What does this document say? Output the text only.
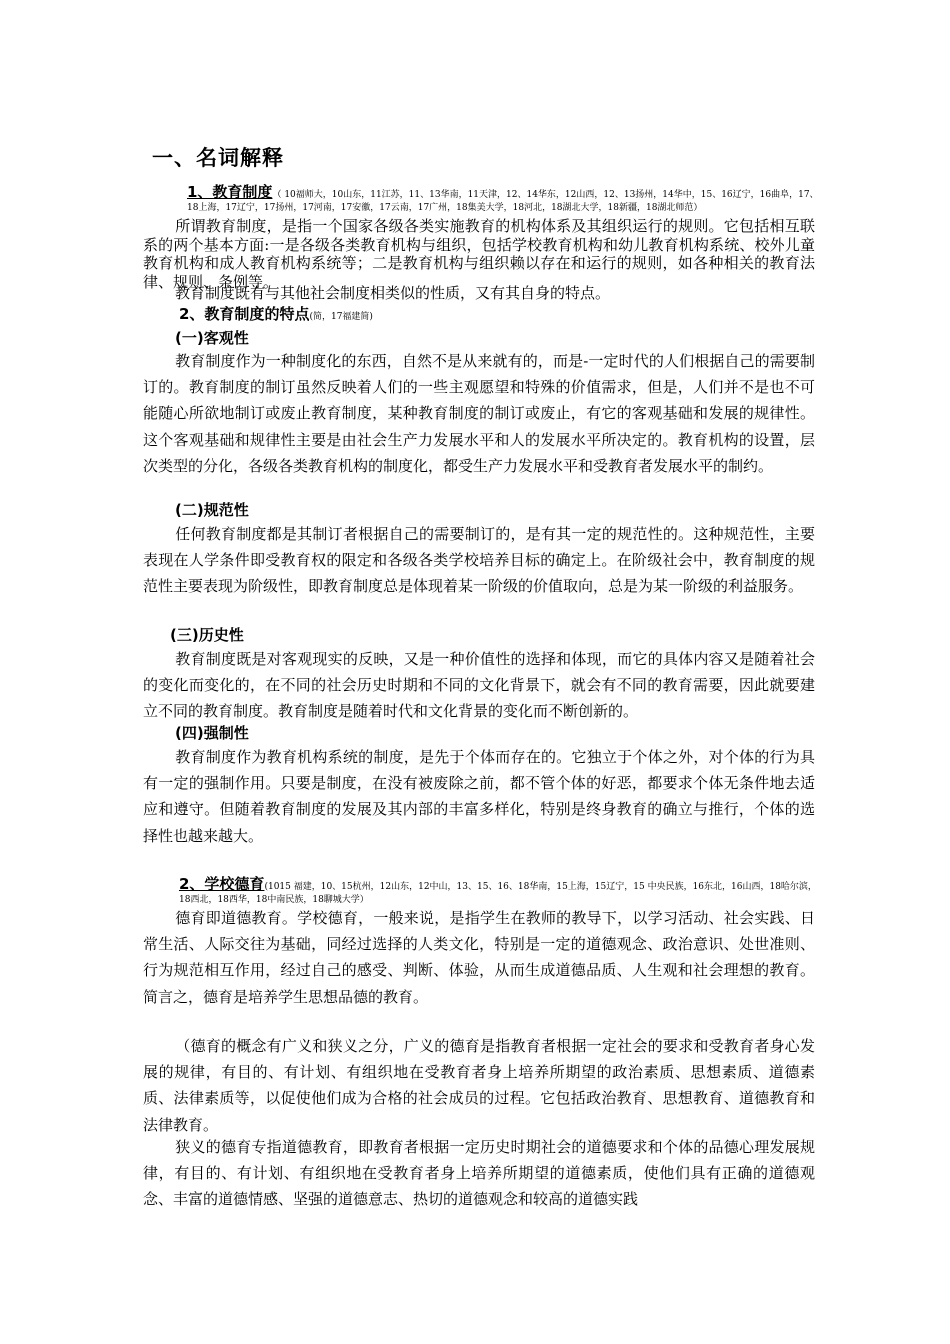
一、名词解释
1、教育制度（ 10福师大，10山东，11江苏，11、13华南，11天津，12、14华东，12山西，12、13扬州，14华中，15、16辽宁，16曲阜，17、18上海，17辽宁，17扬州，17河南，17安徽，17云南，17广州，18集美大学，18河北，18湖北大学，18新疆，18湖北师范）

所谓教育制度，是指一个国家各级各类实施教育的机构体系及其组织运行的规则。它包括相互联系的两个基本方面:一是各级各类教育机构与组织，包括学校教育机构和幼儿教育机构系统、校外儿童教育机构和成人教育机构系统等；二是教育机构与组织赖以存在和运行的规则，如各种相关的教育法律、规则、条例等。

教育制度既有与其他社会制度相类似的性质，又有其自身的特点。
2、教育制度的特点(简，17福建简)
(一)客观性

教育制度作为一种制度化的东西，自然不是从来就有的，而是-一定时代的人们根据自己的需要制订的。教育制度的制订虽然反映着人们的一些主观愿望和特殊的价值需求，但是，人们并不是也不可能随心所欲地制订或废止教育制度，某种教育制度的制订或废止，有它的客观基础和发展的规律性。这个客观基础和规律性主要是由社会生产力发展水平和人的发展水平所决定的。教育机构的设置，层次类型的分化，各级各类教育机构的制度化，都受生产力发展水平和受教育者发展水平的制约。

(二)规范性

任何教育制度都是其制订者根据自己的需要制订的，是有其一定的规范性的。这种规范性，主要表现在人学条件即受教育权的限定和各级各类学校培养目标的确定上。在阶级社会中，教育制度的规范性主要表现为阶级性，即教育制度总是体现着某一阶级的价值取向，总是为某一阶级的利益服务。

(三)历史性

教育制度既是对客观现实的反映，又是一种价值性的选择和体现，而它的具体内容又是随着社会的变化而变化的，在不同的社会历史时期和不同的文化背景下，就会有不同的教育需要，因此就要建立不同的教育制度。教育制度是随着时代和文化背景的变化而不断创新的。

(四)强制性

教育制度作为教育机构系统的制度，是先于个体而存在的。它独立于个体之外，对个体的行为具有一定的强制作用。只要是制度，在没有被废除之前，都不管个体的好恶，都要求个体无条件地去适应和遵守。但随着教育制度的发展及其内部的丰富多样化，特别是终身教育的确立与推行，个体的选择性也越来越大。

2、学校德育(1015 福建，10、15杭州，12山东，12中山，13、15、16、18华南，15上海，15辽宁，15 中央民族，16东北，16山西，18哈尔滨，18西北，18西华，18中南民族，18聊城大学）

德育即道德教育。学校德育，一般来说，是指学生在教师的教导下，以学习活动、社会实践、日常生活、人际交往为基础，同经过选择的人类文化，特别是一定的道德观念、政治意识、处世准则、行为规范相互作用，经过自己的感受、判断、体验，从而生成道德品质、人生观和社会理想的教育。简言之，德育是培养学生思想品德的教育。

（德育的概念有广义和狭义之分，广义的德育是指教育者根据一定社会的要求和受教育者身心发展的规律，有目的、有计划、有组织地在受教育者身上培养所期望的政治素质、思想素质、道德素质、法律素质等，以促使他们成为合格的社会成员的过程。它包括政治教育、思想教育、道德教育和法律教育。

狭义的德育专指道德教育，即教育者根据一定历史时期社会的道德要求和个体的品德心理发展规律，有目的、有计划、有组织地在受教育者身上培养所期望的道德素质，使他们具有正确的道德观念、丰富的道德情感、坚强的道德意志、热切的道德观念和较高的道德实践
